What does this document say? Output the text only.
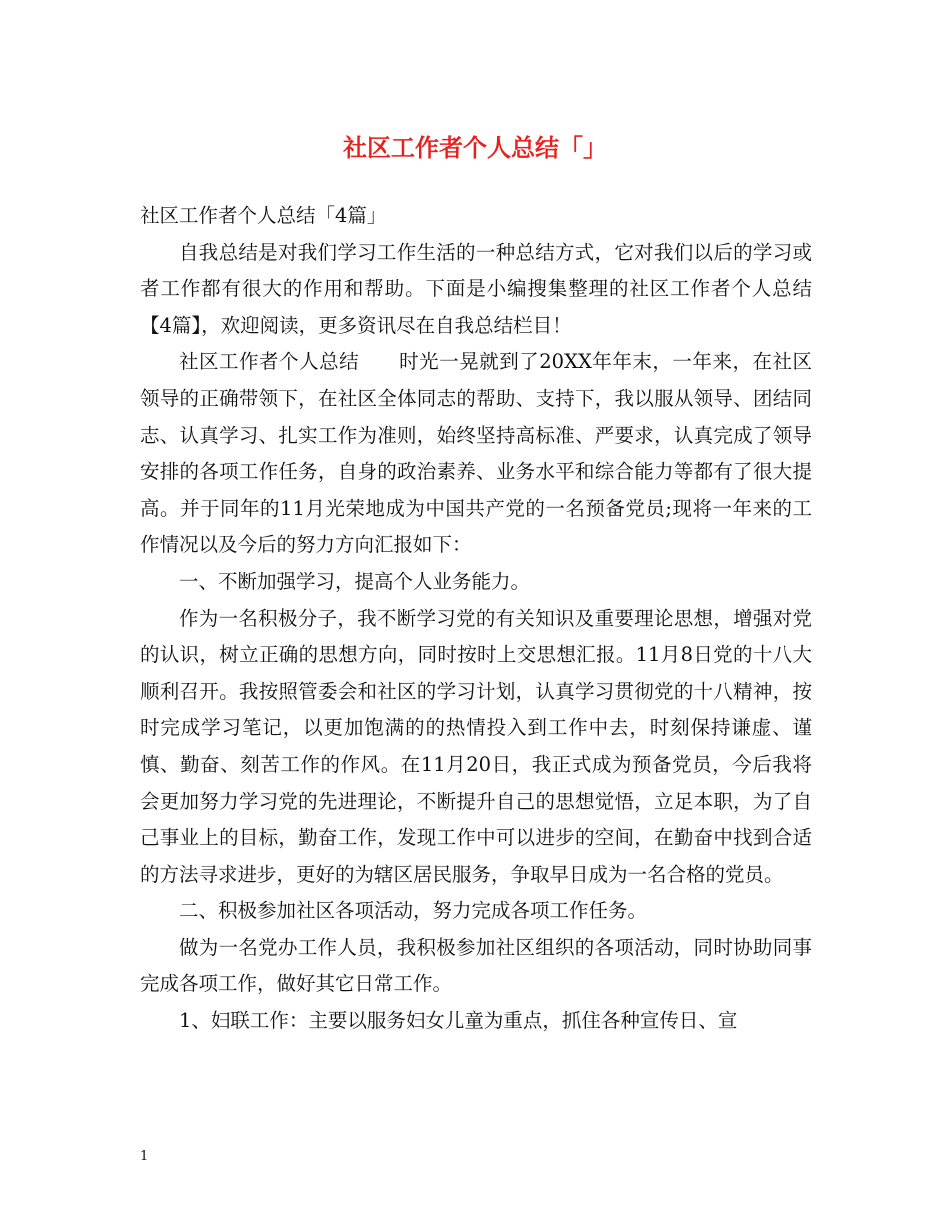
社区工作者个人总结「」

社区工作者个人总结「4篇」

自我总结是对我们学习工作生活的一种总结方式，它对我们以后的学习或者工作都有很大的作用和帮助。下面是小编搜集整理的社区工作者个人总结【4篇】，欢迎阅读，更多资讯尽在自我总结栏目！

社区工作者个人总结　　时光一晃就到了20XX年年末，一年来，在社区领导的正确带领下，在社区全体同志的帮助、支持下，我以服从领导、团结同志、认真学习、扎实工作为准则，始终坚持高标准、严要求，认真完成了领导安排的各项工作任务，自身的政治素养、业务水平和综合能力等都有了很大提高。并于同年的11月光荣地成为中国共产党的一名预备党员;现将一年来的工作情况以及今后的努力方向汇报如下：

一、不断加强学习，提高个人业务能力。

作为一名积极分子，我不断学习党的有关知识及重要理论思想，增强对党的认识，树立正确的思想方向，同时按时上交思想汇报。11月8日党的十八大顺利召开。我按照管委会和社区的学习计划，认真学习贯彻党的十八精神，按时完成学习笔记，以更加饱满的的热情投入到工作中去，时刻保持谦虚、谨慎、勤奋、刻苦工作的作风。在11月20日，我正式成为预备党员，今后我将会更加努力学习党的先进理论，不断提升自己的思想觉悟，立足本职，为了自己事业上的目标，勤奋工作，发现工作中可以进步的空间，在勤奋中找到合适的方法寻求进步，更好的为辖区居民服务，争取早日成为一名合格的党员。

二、积极参加社区各项活动，努力完成各项工作任务。

做为一名党办工作人员，我积极参加社区组织的各项活动，同时协助同事完成各项工作，做好其它日常工作。

1、妇联工作：主要以服务妇女儿童为重点，抓住各种宣传日、宣

1
